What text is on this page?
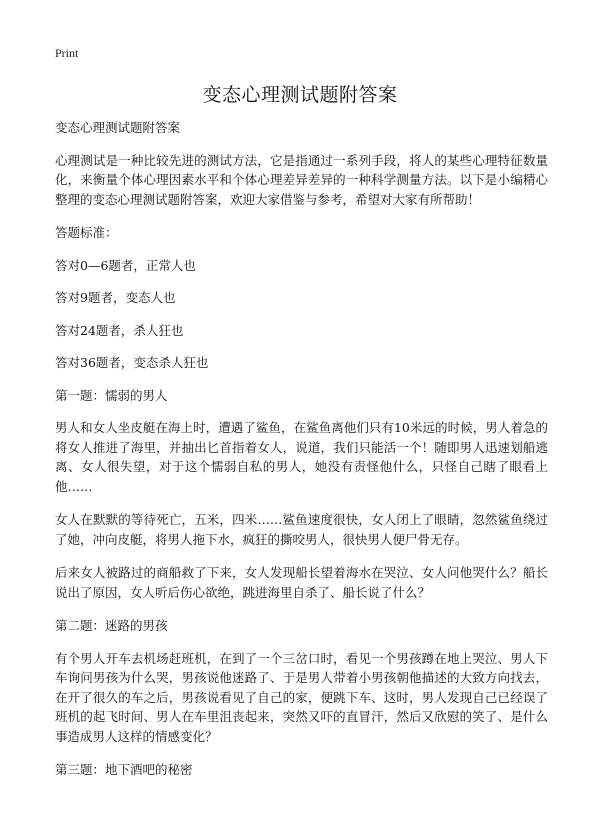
Print
变态心理测试题附答案

变态心理测试题附答案

心理测试是一种比较先进的测试方法，它是指通过一系列手段，将人的某些心理特征数量化，来衡量个体心理因素水平和个体心理差异差异的一种科学测量方法。以下是小编精心整理的变态心理测试题附答案，欢迎大家借鉴与参考，希望对大家有所帮助！

答题标准：

答对0—6题者，正常人也

答对9题者，变态人也

答对24题者，杀人狂也

答对36题者，变态杀人狂也

第一题：懦弱的男人

男人和女人坐皮艇在海上时，遭遇了鲨鱼，在鲨鱼离他们只有10米远的时候，男人着急的将女人推进了海里，并抽出匕首指着女人，说道，我们只能活一个！随即男人迅速划船逃离、女人很失望，对于这个懦弱自私的男人，她没有责怪他什么，只怪自己瞎了眼看上他……

女人在默默的等待死亡，五米，四米……鲨鱼速度很快，女人闭上了眼睛，忽然鲨鱼绕过了她，冲向皮艇，将男人拖下水，疯狂的撕咬男人，很快男人便尸骨无存。

后来女人被路过的商船救了下来，女人发现船长望着海水在哭泣、女人问他哭什么？船长说出了原因，女人听后伤心欲绝，跳进海里自杀了、船长说了什么？

第二题：迷路的男孩

有个男人开车去机场赶班机，在到了一个三岔口时，看见一个男孩蹲在地上哭泣、男人下车询问男孩为什么哭，男孩说他迷路了、于是男人带着小男孩朝他描述的大致方向找去，在开了很久的车之后，男孩说看见了自己的家，便跳下车、这时，男人发现自己已经误了班机的起飞时间、男人在车里沮丧起来，突然又吓的直冒汗，然后又欣慰的笑了、是什么事造成男人这样的情感变化？

第三题：地下酒吧的秘密
